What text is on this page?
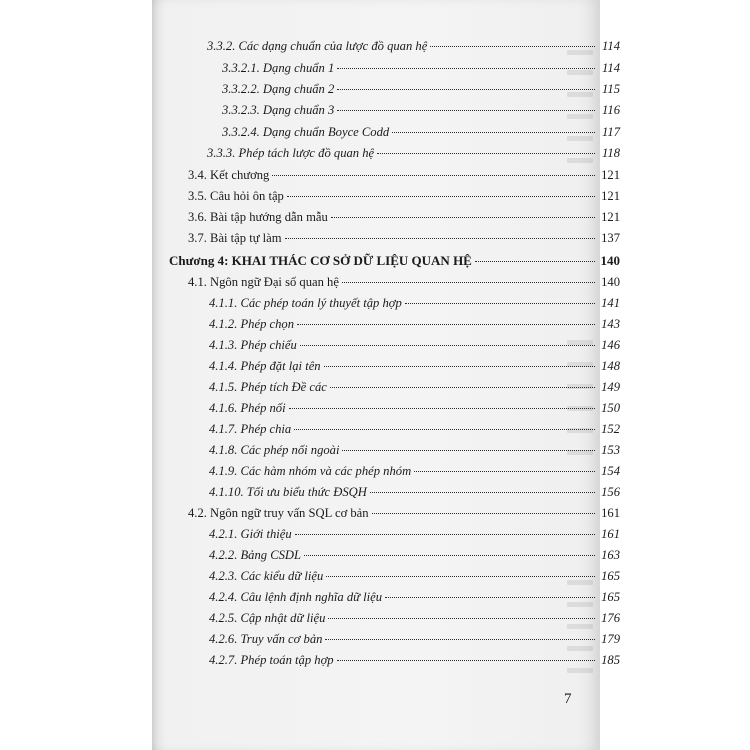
3.3.2. Các dạng chuẩn của lược đồ quan hệ	114
3.3.2.1. Dạng chuẩn 1	114
3.3.2.2. Dạng chuẩn 2	115
3.3.2.3. Dạng chuẩn 3	116
3.3.2.4. Dạng chuẩn Boyce Codd	117
3.3.3. Phép tách lược đồ quan hệ	118
3.4. Kết chương	121
3.5. Câu hỏi ôn tập	121
3.6. Bài tập hướng dẫn mẫu	121
3.7. Bài tập tự làm	137
Chương 4: KHAI THÁC CƠ SỞ DỮ LIỆU QUAN HỆ	140
4.1. Ngôn ngữ Đại số quan hệ	140
4.1.1. Các phép toán lý thuyết tập hợp	141
4.1.2. Phép chọn	143
4.1.3. Phép chiếu	146
4.1.4. Phép đặt lại tên	148
4.1.5. Phép tích Đề các	149
4.1.6. Phép nối	150
4.1.7. Phép chia	152
4.1.8. Các phép nối ngoài	153
4.1.9. Các hàm nhóm và các phép nhóm	154
4.1.10. Tối ưu biểu thức ĐSQH	156
4.2. Ngôn ngữ truy vấn SQL cơ bản	161
4.2.1. Giới thiệu	161
4.2.2. Bảng CSDL	163
4.2.3. Các kiểu dữ liệu	165
4.2.4. Câu lệnh định nghĩa dữ liệu	165
4.2.5. Cập nhật dữ liệu	176
4.2.6. Truy vấn cơ bản	179
4.2.7. Phép toán tập hợp	185
7
